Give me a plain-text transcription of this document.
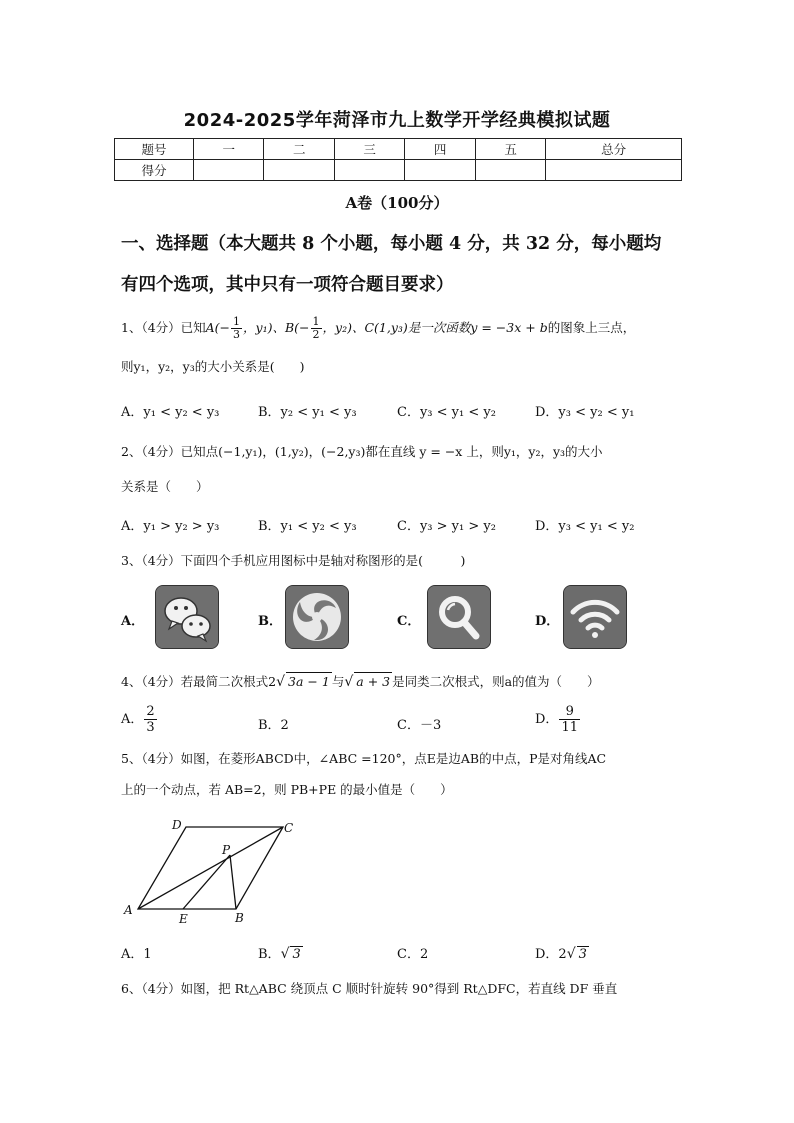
2024-2025学年菏泽市九上数学开学经典模拟试题
题号	一	二	三	四	五	总分
得分						
A卷（100分）
一、选择题（本大题共 8 个小题，每小题 4 分，共 32 分，每小题均
有四个选项，其中只有一项符合题目要求）
1、（4分）已知$A(- \frac{1}{3}$ ，y₁)、$B(- \frac{1}{2}$ ，y₂)、C(1,y₃)是一次函数y = −3x + b的图象上三点，
则y₁，y₂，y₃的大小关系是(　　)
A．y₁ < y₂ < y₃	B．y₂ < y₁ < y₃	C．y₃ < y₁ < y₂	D．y₃ < y₂ < y₁
2、（4分）已知点(−1,y₁)，(1,y₂)，(−2,y₃)都在直线 y = −x 上，则y₁，y₂，y₃的大小
关系是（　　）
A．y₁ > y₂ > y₃	B．y₁ < y₂ < y₃	C．y₃ > y₁ > y₂	D．y₃ < y₁ < y₂
3、（4分）下面四个手机应用图标中是轴对称图形的是(　　　)
A．	B．	C．	D．
4、（4分）若最简二次根式2√ 3a − 1 与√ a + 3 是同类二次根式，则a的值为（　　）
A． $\frac{2}{3}$	B．2	C．－3	D． $\frac{9}{11}$
5、（4分）如图，在菱形ABCD中，∠ABC =120°，点E是边AB的中点，P是对角线AC
上的一个动点，若 AB=2，则 PB+PE 的最小值是（　　）
D	C
P
A
E	B
A．1	B．√ 3	C．2	D．2√ 3
6、（4分）如图，把 Rt△ABC 绕顶点 C 顺时针旋转 90°得到 Rt△DFC，若直线 DF 垂直
